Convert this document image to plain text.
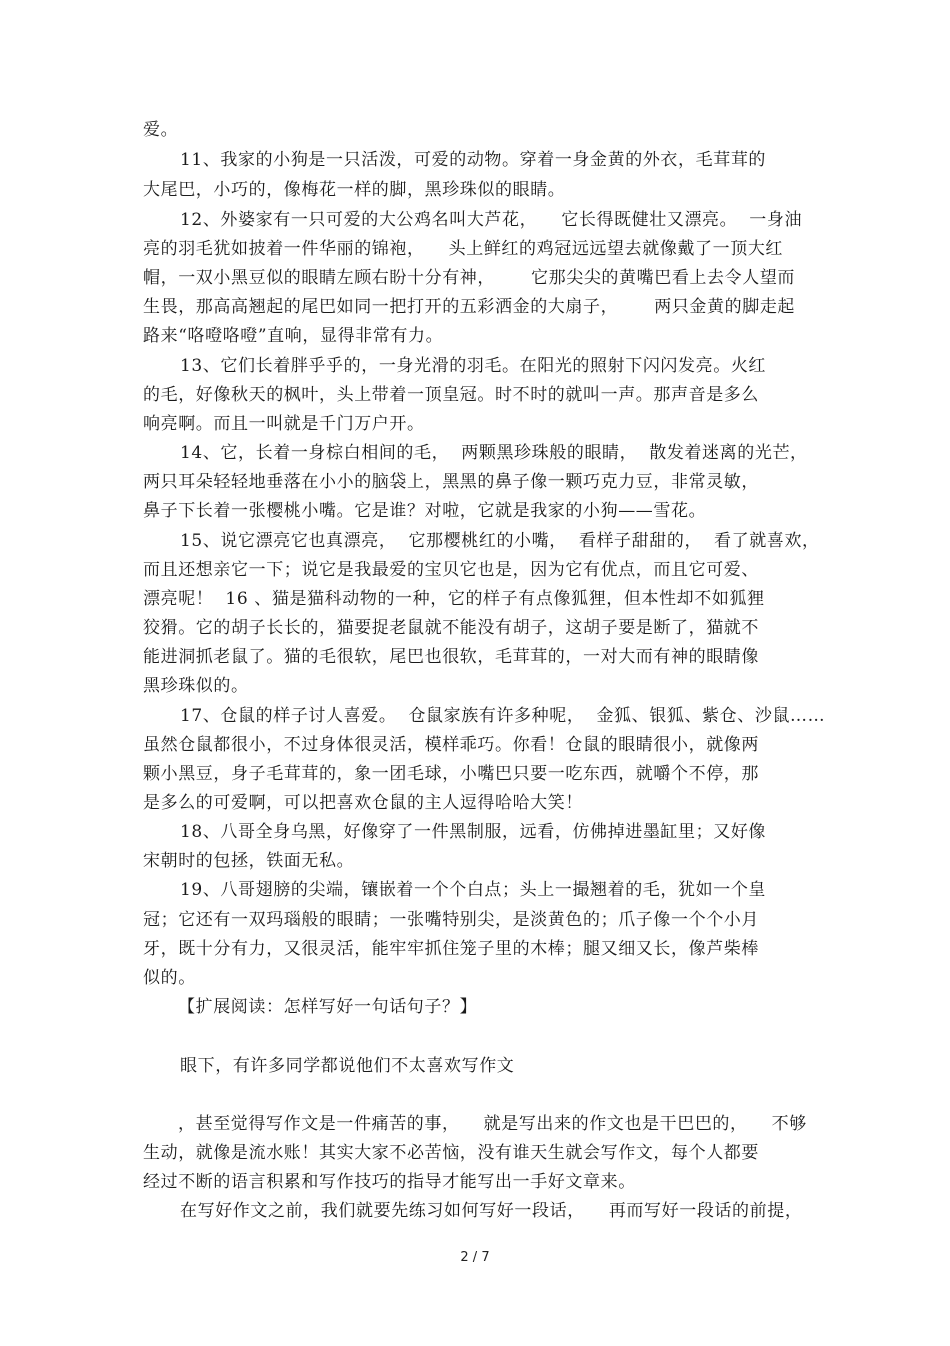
爱。
11、我家的小狗是一只活泼，可爱的动物。穿着一身金黄的外衣，毛茸茸的
大尾巴，小巧的，像梅花一样的脚，黑珍珠似的眼睛。
12、外婆家有一只可爱的大公鸡名叫大芦花，    它长得既健壮又漂亮。  一身油
亮的羽毛犹如披着一件华丽的锦袍，    头上鲜红的鸡冠远远望去就像戴了一顶大红
帽，一双小黑豆似的眼睛左顾右盼十分有神，      它那尖尖的黄嘴巴看上去令人望而
生畏，那高高翘起的尾巴如同一把打开的五彩洒金的大扇子，      两只金黄的脚走起
路来“咯噔咯噔”直响，显得非常有力。
13、它们长着胖乎乎的，一身光滑的羽毛。在阳光的照射下闪闪发亮。火红
的毛，好像秋天的枫叶，头上带着一顶皇冠。时不时的就叫一声。那声音是多么
响亮啊。而且一叫就是千门万户开。
14、它，长着一身棕白相间的毛，  两颗黑珍珠般的眼睛，  散发着迷离的光芒，
两只耳朵轻轻地垂落在小小的脑袋上，黑黑的鼻子像一颗巧克力豆，非常灵敏，
鼻子下长着一张樱桃小嘴。它是谁？对啦，它就是我家的小狗——雪花。
15、说它漂亮它也真漂亮，  它那樱桃红的小嘴，  看样子甜甜的，  看了就喜欢，
而且还想亲它一下；说它是我最爱的宝贝它也是，因为它有优点，而且它可爱、
漂亮呢！  16 、猫是猫科动物的一种，它的样子有点像狐狸，但本性却不如狐狸
狡猾。它的胡子长长的，猫要捉老鼠就不能没有胡子，这胡子要是断了，猫就不
能进洞抓老鼠了。猫的毛很软，尾巴也很软，毛茸茸的，一对大而有神的眼睛像
黑珍珠似的。
17、仓鼠的样子讨人喜爱。  仓鼠家族有许多种呢，  金狐、银狐、紫仓、沙鼠……
虽然仓鼠都很小，不过身体很灵活，模样乖巧。你看！仓鼠的眼睛很小，就像两
颗小黑豆，身子毛茸茸的，象一团毛球，小嘴巴只要一吃东西，就嚼个不停，那
是多么的可爱啊，可以把喜欢仓鼠的主人逗得哈哈大笑！
18、八哥全身乌黑，好像穿了一件黑制服，远看，仿佛掉进墨缸里；又好像
宋朝时的包拯，铁面无私。
19、八哥翅膀的尖端，镶嵌着一个个白点；头上一撮翘着的毛，犹如一个皇
冠；它还有一双玛瑙般的眼睛；一张嘴特别尖，是淡黄色的；爪子像一个个小月
牙，既十分有力，又很灵活，能牢牢抓住笼子里的木棒；腿又细又长，像芦柴棒
似的。
【扩展阅读：怎样写好一句话句子？】
眼下，有许多同学都说他们不太喜欢写作文
，甚至觉得写作文是一件痛苦的事，    就是写出来的作文也是干巴巴的，    不够
生动，就像是流水账！其实大家不必苦恼，没有谁天生就会写作文，每个人都要
经过不断的语言积累和写作技巧的指导才能写出一手好文章来。
在写好作文之前，我们就要先练习如何写好一段话，    再而写好一段话的前提，
2 / 7
